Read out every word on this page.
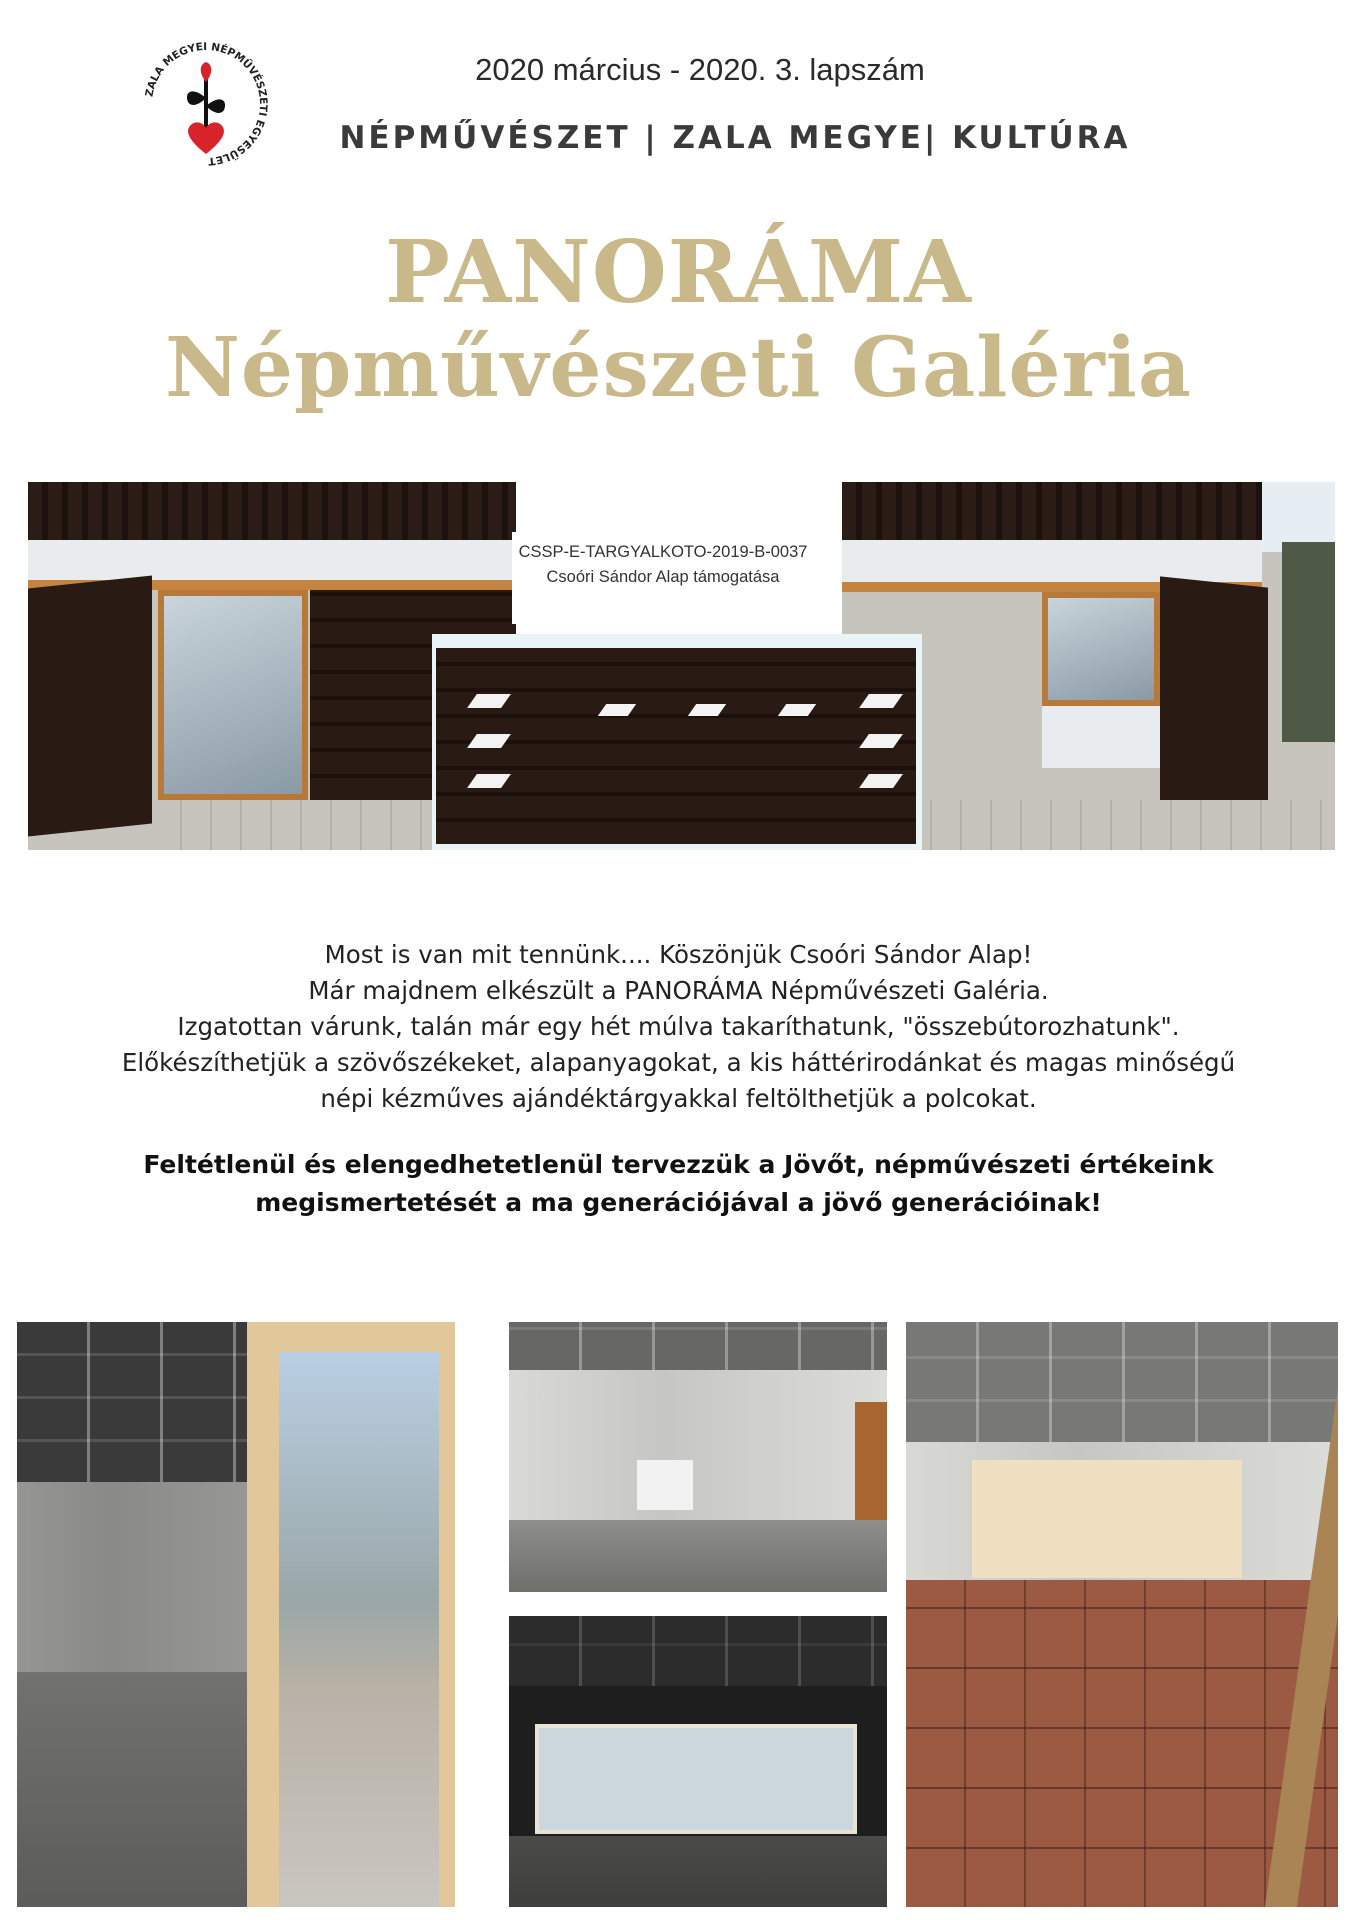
ZALA MEGYEI NÉPMŰVÉSZETI EGYESÜLET
2020 március - 2020. 3. lapszám
NÉPMŰVÉSZET | ZALA MEGYE| KULTÚRA
PANORÁMA
Népművészeti Galéria
CSSP-E-TARGYALKOTO-2019-B-0037
Csoóri Sándor Alap támogatása
Most is van mit tennünk.... Köszönjük Csoóri Sándor Alap!
Már majdnem elkészült a PANORÁMA Népművészeti Galéria.
Izgatottan várunk, talán már egy hét múlva takaríthatunk, "összebútorozhatunk".
Előkészíthetjük a szövőszékeket, alapanyagokat, a kis háttérirodánkat és magas minőségű
népi kézműves ajándéktárgyakkal feltölthetjük a polcokat.
Feltétlenül és elengedhetetlenül tervezzük a Jövőt, népművészeti értékeink
megismertetését a ma generációjával a jövő generációinak!
